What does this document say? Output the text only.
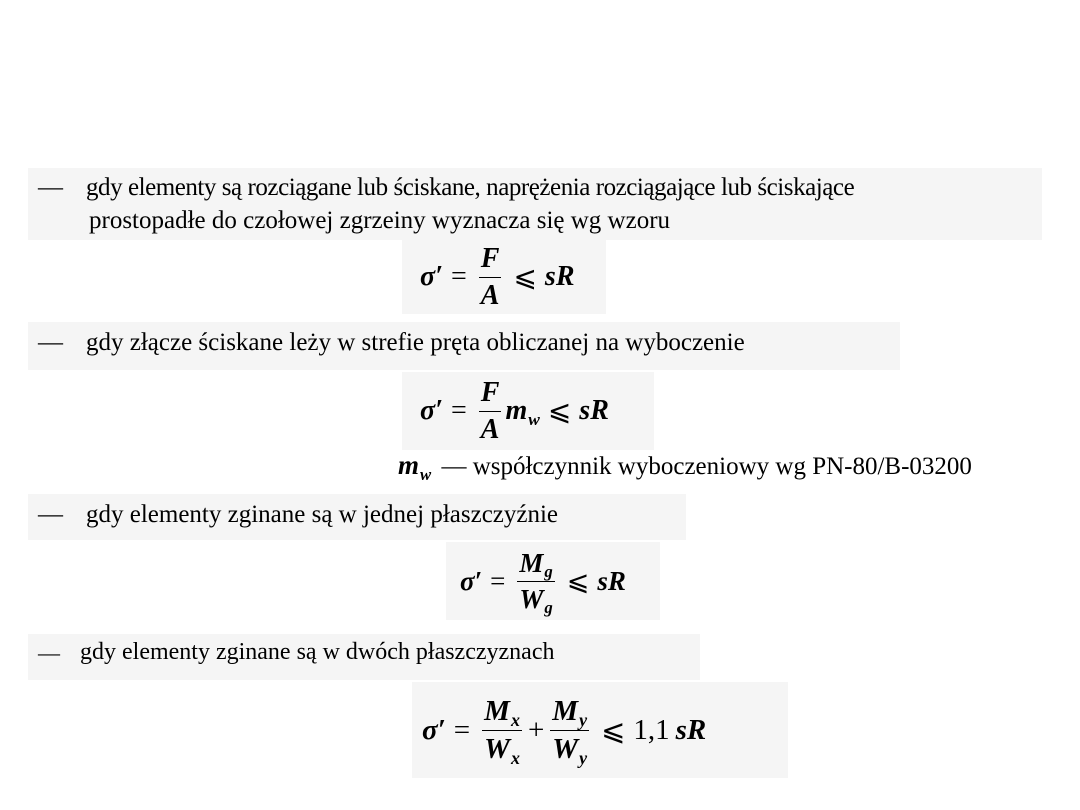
— gdy elementy są rozciągane lub ściskane, naprężenia rozciągające lub ściskające
prostopadłe do czołowej zgrzeiny wyznacza się wg wzoru
$\sigma' = \frac{F}{A}$ ⩽ sR
— gdy złącze ściskane leży w strefie pręta obliczanej na wyboczenie
$\sigma' = \frac{F}{A} m_w$ ⩽ sR
$m_w$ — współczynnik wyboczeniowy wg PN-80/B-03200
— gdy elementy zginane są w jednej płaszczyźnie
$\sigma' = \frac{M_g}{W_g}$ ⩽ sR
— gdy elementy zginane są w dwóch płaszczyznach
$\sigma' = \frac{M_x}{W_x} + \frac{M_y}{W_y}$ ⩽ 1,1 sR
